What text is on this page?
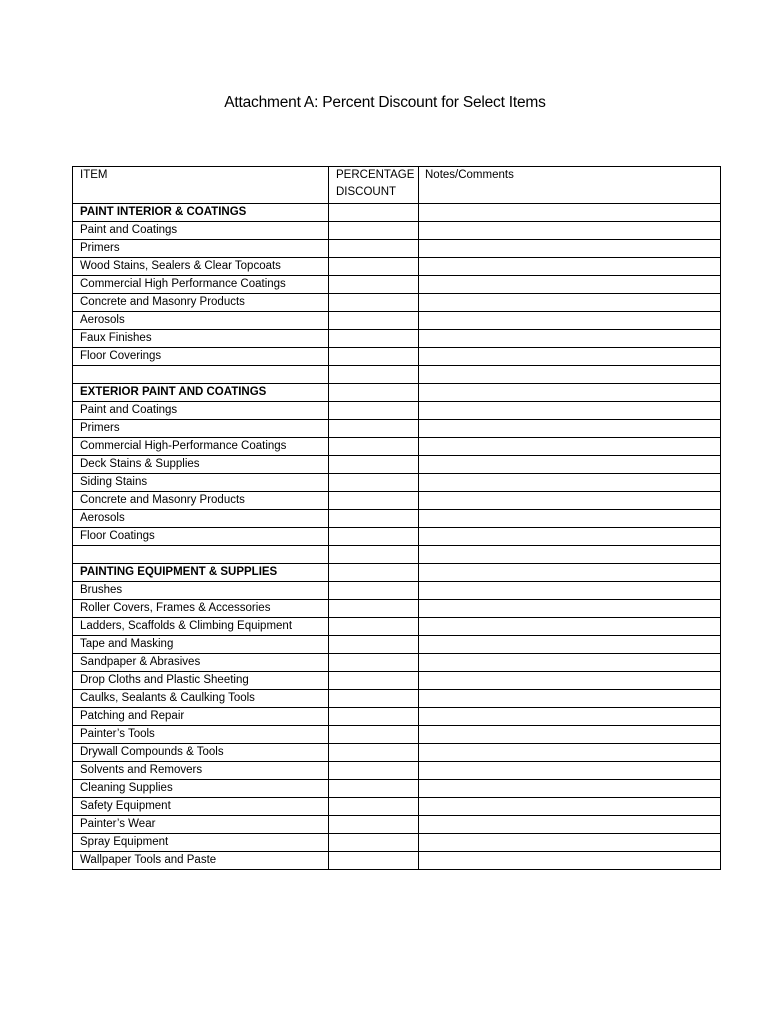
Attachment A: Percent Discount for Select Items
ITEM	PERCENTAGE DISCOUNT	Notes/Comments
PAINT INTERIOR & COATINGS		
Paint and Coatings		
Primers		
Wood Stains, Sealers & Clear Topcoats		
Commercial High Performance Coatings		
Concrete and Masonry Products		
Aerosols		
Faux Finishes		
Floor Coverings		

EXTERIOR PAINT AND COATINGS		
Paint and Coatings		
Primers		
Commercial High-Performance Coatings		
Deck Stains & Supplies		
Siding Stains		
Concrete and Masonry Products		
Aerosols		
Floor Coatings		

PAINTING EQUIPMENT & SUPPLIES		
Brushes		
Roller Covers, Frames & Accessories		
Ladders, Scaffolds & Climbing Equipment		
Tape and Masking		
Sandpaper & Abrasives		
Drop Cloths and Plastic Sheeting		
Caulks, Sealants & Caulking Tools		
Patching and Repair		
Painter’s Tools		
Drywall Compounds & Tools		
Solvents and Removers		
Cleaning Supplies		
Safety Equipment		
Painter’s Wear		
Spray Equipment		
Wallpaper Tools and Paste		
